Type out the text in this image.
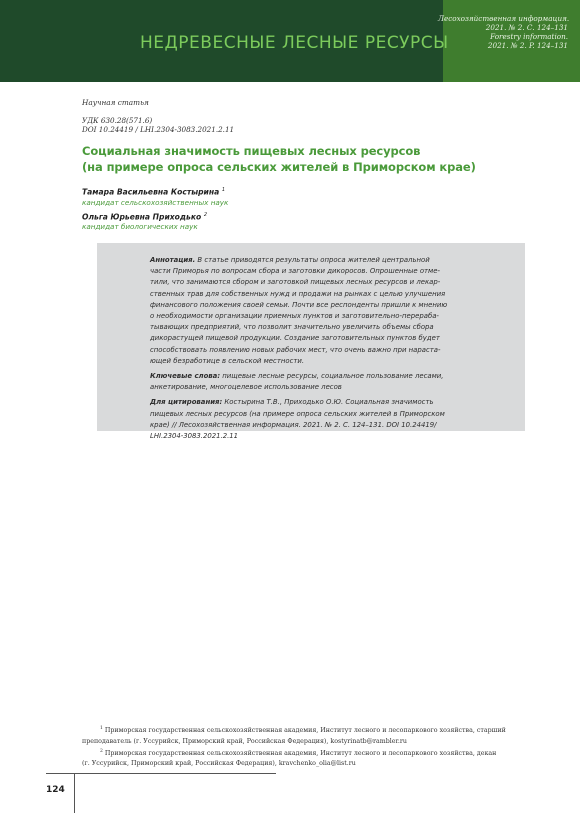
НЕДРЕВЕСНЫЕ ЛЕСНЫЕ РЕСУРСЫ
Лесохозяйственная информация.
2021. № 2. С. 124–131
Forestry information.
2021. № 2. P. 124–131
Научная статья
УДК 630.28(571.6)
DOI 10.24419 / LHI.2304-3083.2021.2.11
Социальная значимость пищевых лесных ресурсов
(на примере опроса сельских жителей в Приморском крае)
Тамара Васильевна Костырина $^1$
кандидат сельскохозяйственных наук
Ольга Юрьевна Приходько $^2$
кандидат биологических наук
Аннотация. В статье приводятся результаты опроса жителей центральной
части Приморья по вопросам сбора и заготовки дикоросов. Опрошенные отме-
тили, что занимаются сбором и заготовкой пищевых лесных ресурсов и лекар-
ственных трав для собственных нужд и продажи на рынках с целью улучшения
финансового положения своей семьи. Почти все респонденты пришли к мнению
о необходимости организации приемных пунктов и заготовительно-перераба-
тывающих предприятий, что позволит значительно увеличить объемы сбора
дикорастущей пищевой продукции. Создание заготовительных пунктов будет
способствовать появлению новых рабочих мест, что очень важно при нараста-
ющей безработице в сельской местности.
Ключевые слова: пищевые лесные ресурсы, социальное пользование лесами,
анкетирование, многоцелевое использование лесов
Для цитирования: Костырина Т.В., Приходько О.Ю. Социальная значимость
пищевых лесных ресурсов (на примере опроса сельских жителей в Приморском
крае) // Лесохозяйственная информация. 2021. № 2. С. 124–131. DOI 10.24419/
LHI.2304-3083.2021.2.11
$^1$ Приморская государственная сельскохозяйственная академия, Институт лесного и лесопаркового хозяйства, старший
преподаватель (г. Уссурийск, Приморский край, Российская Федерация), kostyrinatb@rambler.ru
$^2$ Приморская государственная сельскохозяйственная академия, Институт лесного и лесопаркового хозяйства, декан
(г. Уссурийск, Приморский край, Российская Федерация), kravchenko_olia@list.ru
124
